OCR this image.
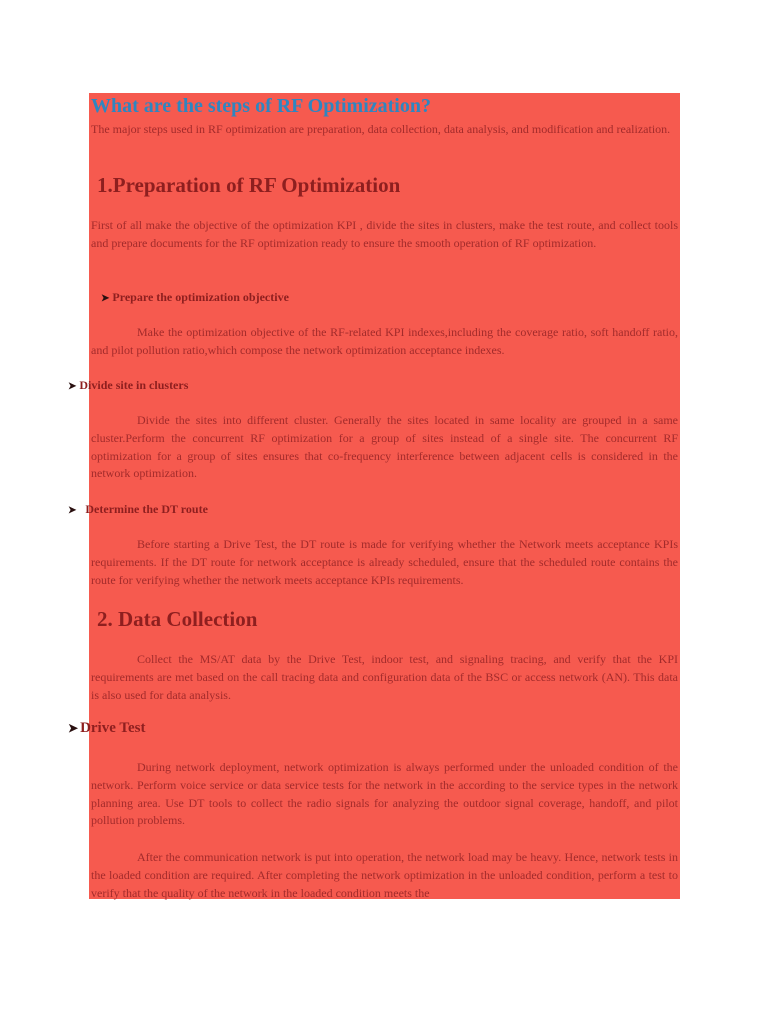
What are the steps of RF Optimization?

The major steps used in RF optimization are preparation, data collection, data analysis, and modification and realization.

1.Preparation of RF Optimization

First of all make the objective of the optimization KPI , divide the sites in clusters, make the test route, and collect tools and prepare documents for the RF optimization ready to ensure the smooth operation of RF optimization.

➤ Prepare the optimization objective

Make the optimization objective of the RF-related KPI indexes,including the coverage ratio, soft handoff ratio, and pilot pollution ratio,which compose the network optimization acceptance indexes.

➤ Divide site in clusters

Divide the sites into different cluster. Generally the sites located in same locality are grouped in a same cluster.Perform the concurrent RF optimization for a group of sites instead of a single site. The concurrent RF optimization for a group of sites ensures that co-frequency interference between adjacent cells is considered in the network optimization.

➤ Determine the DT route

Before starting a Drive Test, the DT route is made for verifying whether the Network meets acceptance KPIs requirements. If the DT route for network acceptance is already scheduled, ensure that the scheduled route contains the route for verifying whether the network meets acceptance KPIs requirements.

2. Data Collection

Collect the MS/AT data by the Drive Test, indoor test, and signaling tracing, and verify that the KPI requirements are met based on the call tracing data and configuration data of the BSC or access network (AN). This data is also used for data analysis.

➤ Drive Test

During network deployment, network optimization is always performed under the unloaded condition of the network. Perform voice service or data service tests for the network in the according to the service types in the network planning area. Use DT tools to collect the radio signals for analyzing the outdoor signal coverage, handoff, and pilot pollution problems.

After the communication network is put into operation, the network load may be heavy. Hence, network tests in the loaded condition are required. After completing the network optimization in the unloaded condition, perform a test to verify that the quality of the network in the loaded condition meets the
